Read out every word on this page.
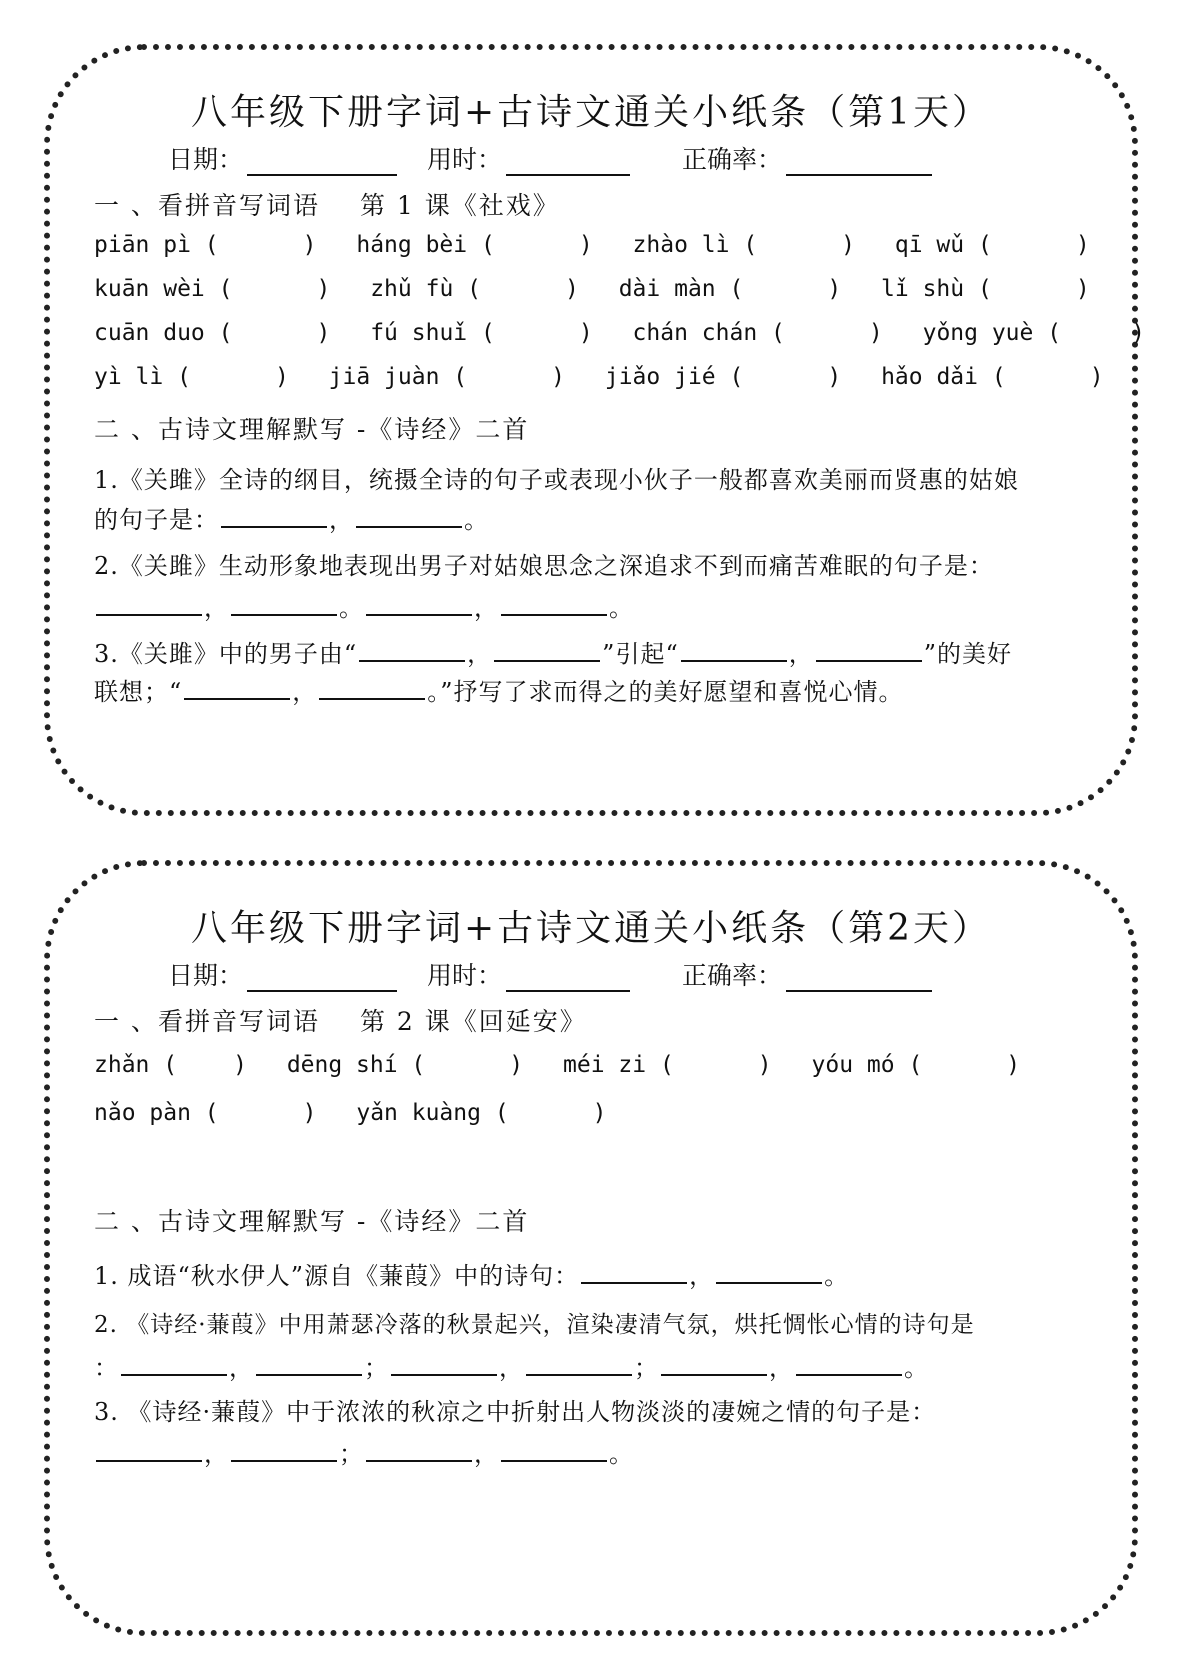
八年级下册字词+古诗文通关小纸条（第1天）
日期：	用时：	正确率：
一 、看拼音写词语 第 1 课《社戏》
piān pì (	) háng bèi (	) zhào lì (	) qī wǔ (	)
kuān wèi (	) zhǔ fù (	) dài màn (	) lǐ shù (	)
cuān duo (	) fú shuǐ (	) chán chán (	) yǒng yuè (	)
yì lì (	) jiā juàn (	) jiǎo jié (	) hǎo dǎi (	)
二 、古诗文理解默写 -《诗经》二首
1.《关雎》全诗的纲目，统摄全诗的句子或表现小伙子一般都喜欢美丽而贤惠的姑娘
的句子是：	，	。
2.《关雎》生动形象地表现出男子对姑娘思念之深追求不到而痛苦难眠的句子是：
，	。	，	。
3.《关雎》中的男子由“	，	”引起“	，	”的美好
联想；“	，	。”抒写了求而得之的美好愿望和喜悦心情。
八年级下册字词+古诗文通关小纸条（第2天）
日期：	用时：	正确率：
一 、看拼音写词语 第 2 课《回延安》
zhǎn ( ) dēng shí (	) méi zi (	) yóu mó (	)
nǎo pàn (	) yǎn kuàng (	)
二 、古诗文理解默写 -《诗经》二首
1. 成语“秋水伊人”源自《蒹葭》中的诗句：	，	。
2. 《诗经·蒹葭》中用萧瑟冷落的秋景起兴，渲染凄清气氛，烘托惆怅心情的诗句是
：	，	；	，	；	，	。
3. 《诗经·蒹葭》中于浓浓的秋凉之中折射出人物淡淡的凄婉之情的句子是：
，	；	，	。
